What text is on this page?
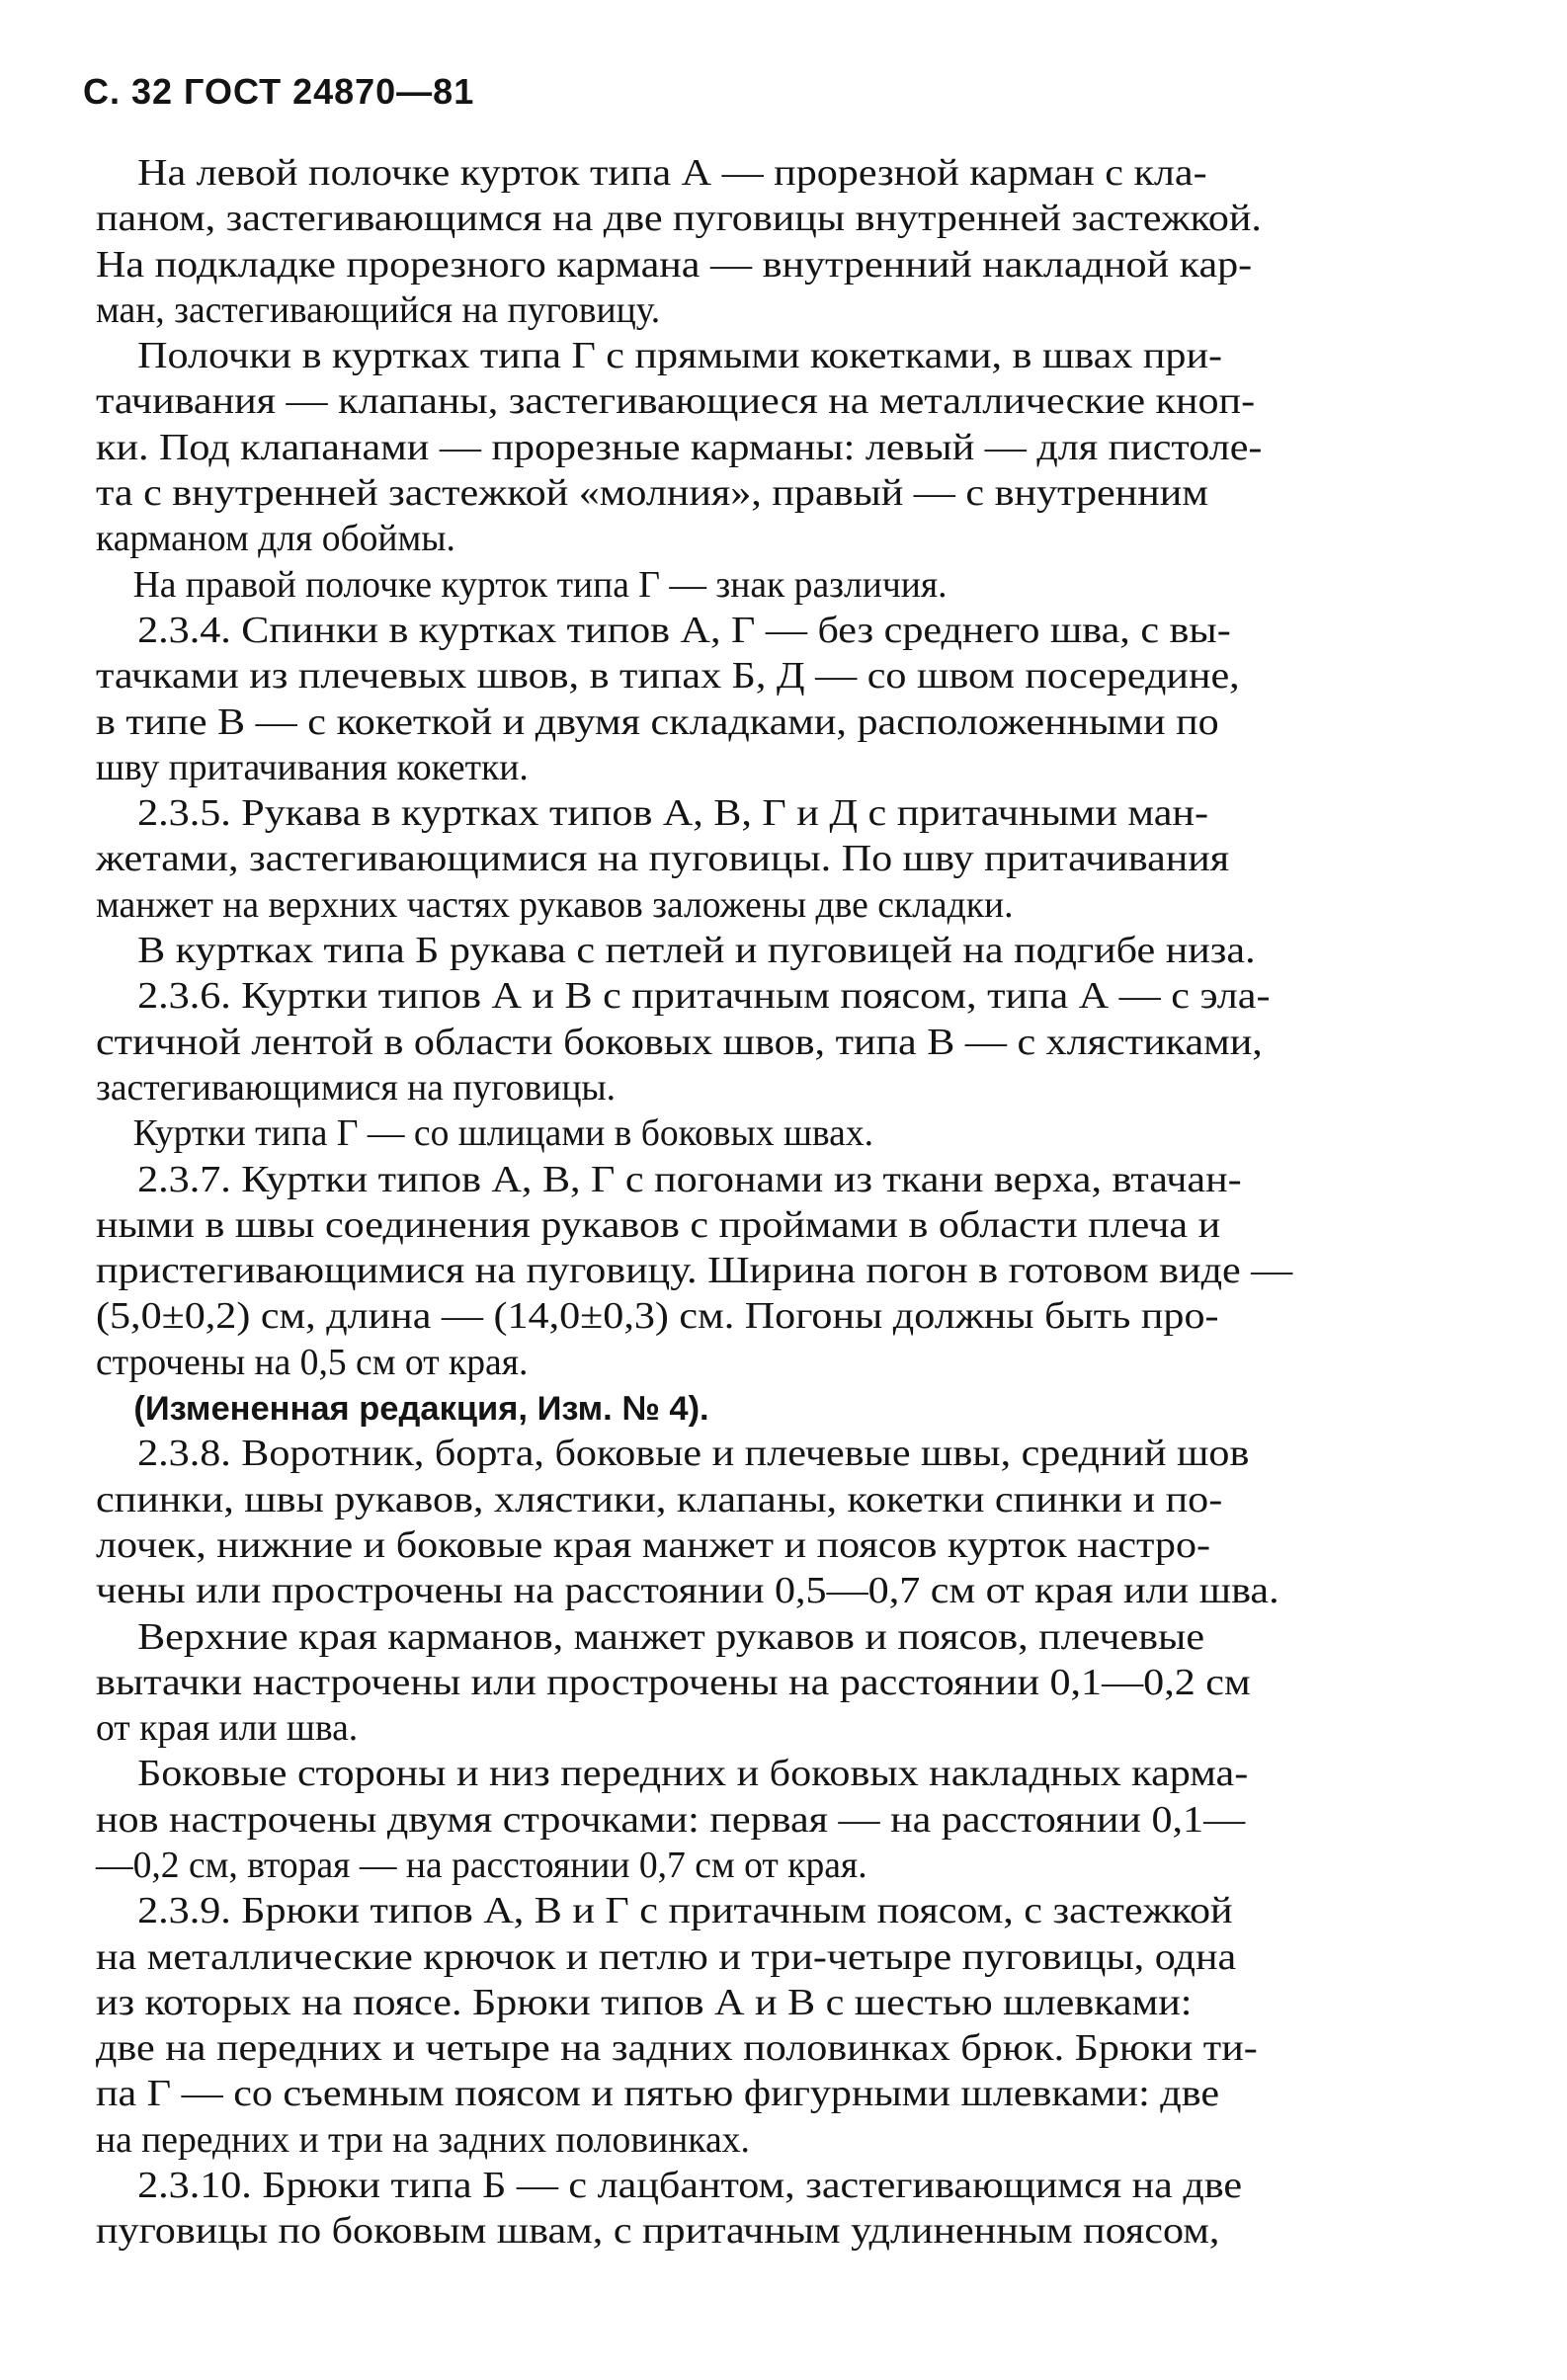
С. 32 ГОСТ 24870—81
На левой полочке курток типа А — прорезной карман с кла-
паном, застегивающимся на две пуговицы внутренней застежкой.
На подкладке прорезного кармана — внутренний накладной кар-
ман, застегивающийся на пуговицу.
Полочки в куртках типа Г с прямыми кокетками, в швах при-
тачивания — клапаны, застегивающиеся на металлические кноп-
ки. Под клапанами — прорезные карманы: левый — для пистоле-
та с внутренней застежкой «молния», правый — с внутренним
карманом для обоймы.
На правой полочке курток типа Г — знак различия.
2.3.4. Спинки в куртках типов А, Г — без среднего шва, с вы-
тачками из плечевых швов, в типах Б, Д — со швом посередине,
в типе В — с кокеткой и двумя складками, расположенными по
шву притачивания кокетки.
2.3.5. Рукава в куртках типов А, В, Г и Д с притачными ман-
жетами, застегивающимися на пуговицы. По шву притачивания
манжет на верхних частях рукавов заложены две складки.
В куртках типа Б рукава с петлей и пуговицей на подгибе низа.
2.3.6. Куртки типов А и В с притачным поясом, типа А — с эла-
стичной лентой в области боковых швов, типа В — с хлястиками,
застегивающимися на пуговицы.
Куртки типа Г — со шлицами в боковых швах.
2.3.7. Куртки типов А, В, Г с погонами из ткани верха, втачан-
ными в швы соединения рукавов с проймами в области плеча и
пристегивающимися на пуговицу. Ширина погон в готовом виде —
(5,0±0,2) см, длина — (14,0±0,3) см. Погоны должны быть про-
строчены на 0,5 см от края.
(Измененная редакция, Изм. № 4).
2.3.8. Воротник, борта, боковые и плечевые швы, средний шов
спинки, швы рукавов, хлястики, клапаны, кокетки спинки и по-
лочек, нижние и боковые края манжет и поясов курток настро-
чены или простpочены на расстоянии 0,5—0,7 см от края или шва.
Верхние края карманов, манжет рукавов и поясов, плечевые
вытачки настрочены или простpочены на расстоянии 0,1—0,2 см
от края или шва.
Боковые стороны и низ передних и боковых накладных карма-
нов настрочены двумя строчками: первая — на расстоянии 0,1—
—0,2 см, вторая — на расстоянии 0,7 см от края.
2.3.9. Брюки типов А, В и Г с притачным поясом, с застежкой
на металлические крючок и петлю и три-четыре пуговицы, одна
из которых на поясе. Брюки типов А и В с шестью шлевками:
две на передних и четыре на задних половинках брюк. Брюки ти-
па Г — со съемным поясом и пятью фигурными шлевками: две
на передних и три на задних половинках.
2.3.10. Брюки типа Б — с лацбантом, застегивающимся на две
пуговицы по боковым швам, с притачным удлиненным поясом,
